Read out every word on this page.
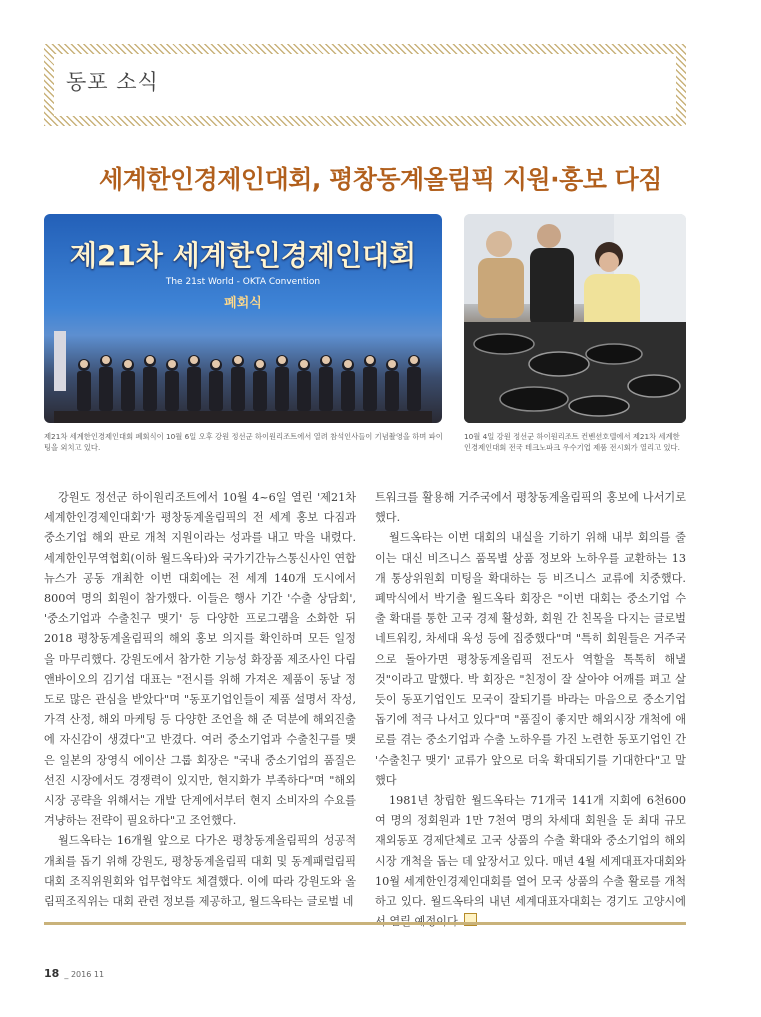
동포 소식
세계한인경제인대회, 평창동계올림픽 지원·홍보 다짐
제21차 세계한인경제인대회
The 21st World - OKTA Convention
폐회식
제21차 세계한인경제인대회 폐회식이 10월 6일 오후 강원 정선군 하이원리조트에서 열려 참석인사들이 기념촬영을 하며 파이팅을 외치고 있다.
10월 4일 강원 정선군 하이원리조트 컨벤션호텔에서 제21차 세계한인경제인대회 전국 테크노파크 우수기업 제품 전시회가 열리고 있다.

강원도 정선군 하이원리조트에서 10월 4~6일 열린 '제21차 세계한인경제인대회'가 평창동계올림픽의 전 세계 홍보 다짐과 중소기업 해외 판로 개척 지원이라는 성과를 내고 막을 내렸다. 세계한인무역협회(이하 월드옥타)와 국가기간뉴스통신사인 연합뉴스가 공동 개최한 이번 대회에는 전 세계 140개 도시에서 800여 명의 회원이 참가했다. 이들은 행사 기간 '수출 상담회', '중소기업과 수출친구 맺기' 등 다양한 프로그램을 소화한 뒤 2018 평창동계올림픽의 해외 홍보 의지를 확인하며 모든 일정을 마무리했다. 강원도에서 참가한 기능성 화장품 제조사인 다림앤바이오의 김기섭 대표는 "전시를 위해 가져온 제품이 동날 정도로 많은 관심을 받았다"며 "동포기업인들이 제품 설명서 작성, 가격 산정, 해외 마케팅 등 다양한 조언을 해 준 덕분에 해외진출에 자신감이 생겼다"고 반겼다. 여러 중소기업과 수출친구를 맺은 일본의 장영식 에이산 그룹 회장은 "국내 중소기업의 품질은 선진 시장에서도 경쟁력이 있지만, 현지화가 부족하다"며 "해외 시장 공략을 위해서는 개발 단계에서부터 현지 소비자의 수요를 겨냥하는 전략이 필요하다"고 조언했다.

월드옥타는 16개월 앞으로 다가온 평창동계올림픽의 성공적 개최를 돕기 위해 강원도, 평창동계올림픽 대회 및 동계패럴림픽 대회 조직위원회와 업무협약도 체결했다. 이에 따라 강원도와 올림픽조직위는 대회 관련 정보를 제공하고, 월드옥타는 글로벌 네

트워크를 활용해 거주국에서 평창동계올림픽의 홍보에 나서기로 했다.

월드옥타는 이번 대회의 내실을 기하기 위해 내부 회의를 줄이는 대신 비즈니스 품목별 상품 정보와 노하우를 교환하는 13개 통상위원회 미팅을 확대하는 등 비즈니스 교류에 치중했다. 폐막식에서 박기출 월드옥타 회장은 "이번 대회는 중소기업 수출 확대를 통한 고국 경제 활성화, 회원 간 친목을 다지는 글로벌 네트워킹, 차세대 육성 등에 집중했다"며 "특히 회원들은 거주국으로 돌아가면 평창동계올림픽 전도사 역할을 톡톡히 해낼 것"이라고 말했다. 박 회장은 "친정이 잘 살아야 어깨를 펴고 살듯이 동포기업인도 모국이 잘되기를 바라는 마음으로 중소기업 돕기에 적극 나서고 있다"며 "품질이 좋지만 해외시장 개척에 애로를 겪는 중소기업과 수출 노하우를 가진 노련한 동포기업인 간 '수출친구 맺기' 교류가 앞으로 더욱 확대되기를 기대한다"고 말했다

1981년 창립한 월드옥타는 71개국 141개 지회에 6천600여 명의 정회원과 1만 7천여 명의 차세대 회원을 둔 최대 규모 재외동포 경제단체로 고국 상품의 수출 확대와 중소기업의 해외 시장 개척을 돕는 데 앞장서고 있다. 매년 4월 세계대표자대회와 10월 세계한인경제인대회를 열어 모국 상품의 수출 활로를 개척하고 있다. 월드옥타의 내년 세계대표자대회는 경기도 고양시에

18 _ 2016 11
